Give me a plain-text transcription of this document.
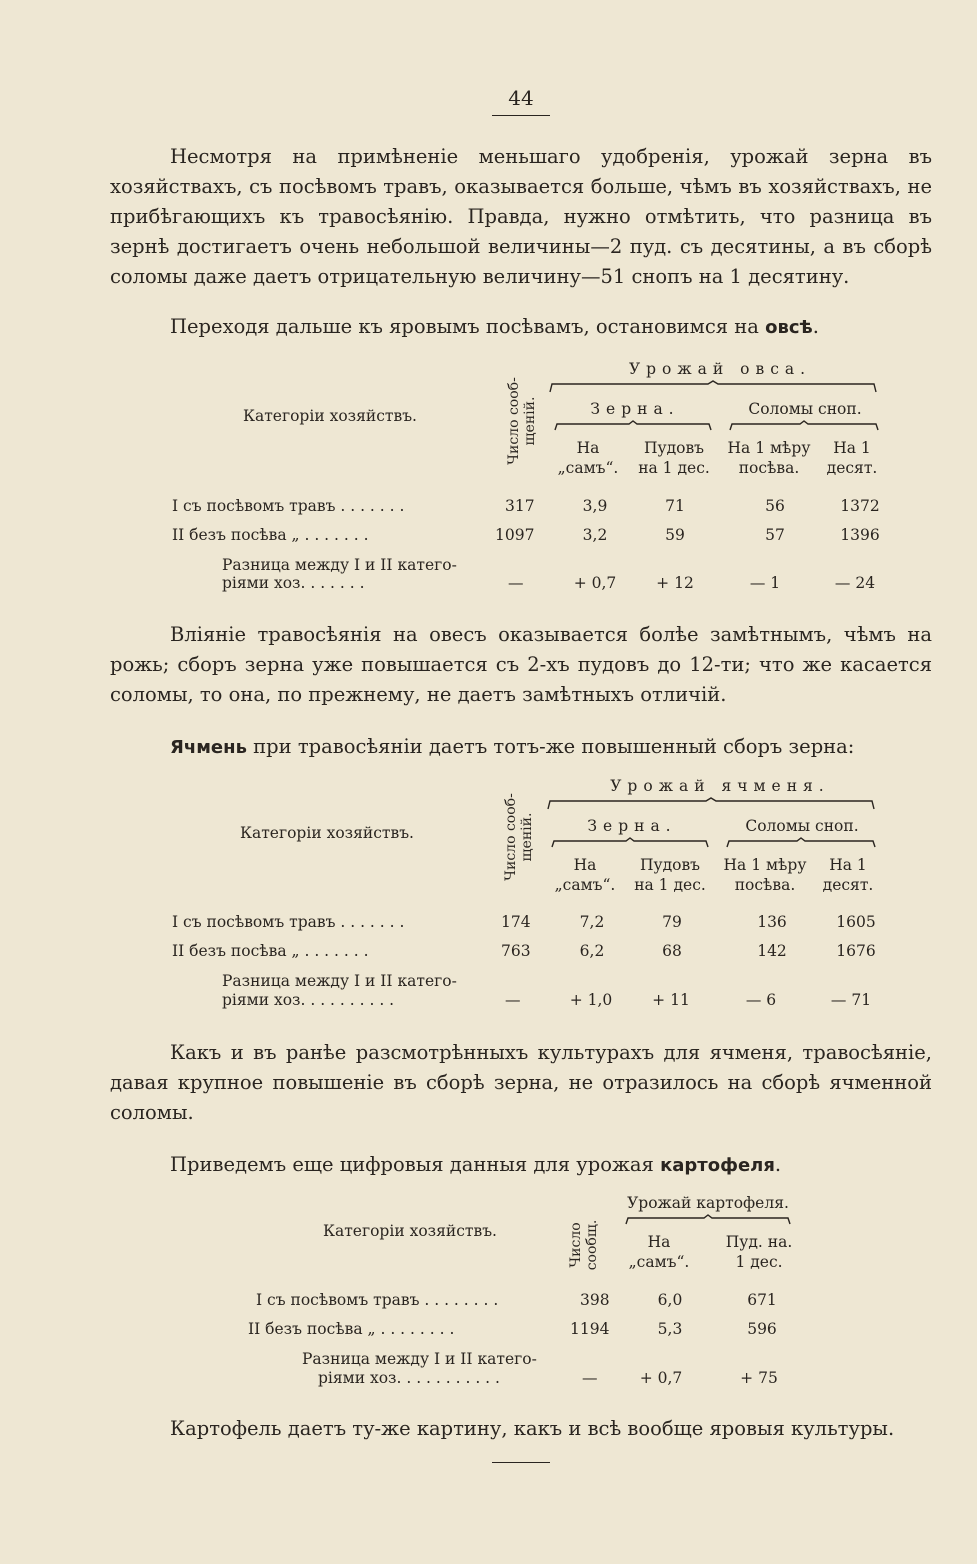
44

Несмотря на примѣненіе меньшаго удобренія, урожай зерна въ хозяйствахъ, съ посѣвомъ травъ, оказывается больше, чѣмъ въ хозяйствахъ, не прибѣгающихъ къ травосѣянію. Правда, нужно отмѣтить, что разница въ зернѣ достигаетъ очень небольшой величины—2 пуд. съ десятины, а въ сборѣ соломы даже даетъ отрицательную величину—51 снопъ на 1 десятину.

Переходя дальше къ яровымъ посѣвамъ, остановимся на овсѣ.

Категоріи хозяйствъ.	Число сооб-щеній.
Урожай овса.
Зерна.	Соломы сноп.
На „самъ“.
Пудовъ на 1 дес.
На 1 мѣру посѣва.
На 1 десят.
I съ посѣвомъ травъ . . . . . . .	317	3,9	71	56	1372
II безъ посѣва „ . . . . . . .	1097	3,2	59	57	1396
Разница между I и II катего-
ріями хоз. . . . . . .	—	+ 0,7	+ 12	— 1	— 24

Вліяніе травосѣянія на овесъ оказывается болѣе замѣтнымъ, чѣмъ на рожь; сборъ зерна уже повышается съ 2-хъ пудовъ до 12-ти; что же касается соломы, то она, по прежнему, не даетъ замѣтныхъ отличій.

Ячмень при травосѣяніи даетъ тотъ-же повышенный сборъ зерна:

Категоріи хозяйствъ.	Число сооб-щеній.
Урожай ячменя.
Зерна.	Соломы сноп.
На „самъ“.
Пудовъ на 1 дес.
На 1 мѣру посѣва.
На 1 десят.
I съ посѣвомъ травъ . . . . . . .	174	7,2	79	136	1605
II безъ посѣва „ . . . . . . .	763	6,2	68	142	1676
Разница между I и II катего-
ріями хоз. . . . . . . . . .	—	+ 1,0	+ 11	— 6	— 71

Какъ и въ ранѣе разсмотрѣнныхъ культурахъ для ячменя, травосѣяніе, давая крупное повышеніе въ сборѣ зерна, не отразилось на сборѣ ячменной соломы.

Приведемъ еще цифровыя данныя для урожая картофеля.

Категоріи хозяйствъ.	Число сообщ.
Урожай картофеля.
На „самъ“.
Пуд. на. 1 дес.
I съ посѣвомъ травъ . . . . . . . .	398	6,0	671
II безъ посѣва „ . . . . . . . .	1194	5,3	596
Разница между I и II катего-
ріями хоз. . . . . . . . . . .	—	+ 0,7	+ 75

Картофель даетъ ту-же картину, какъ и всѣ вообще яровыя культуры.
